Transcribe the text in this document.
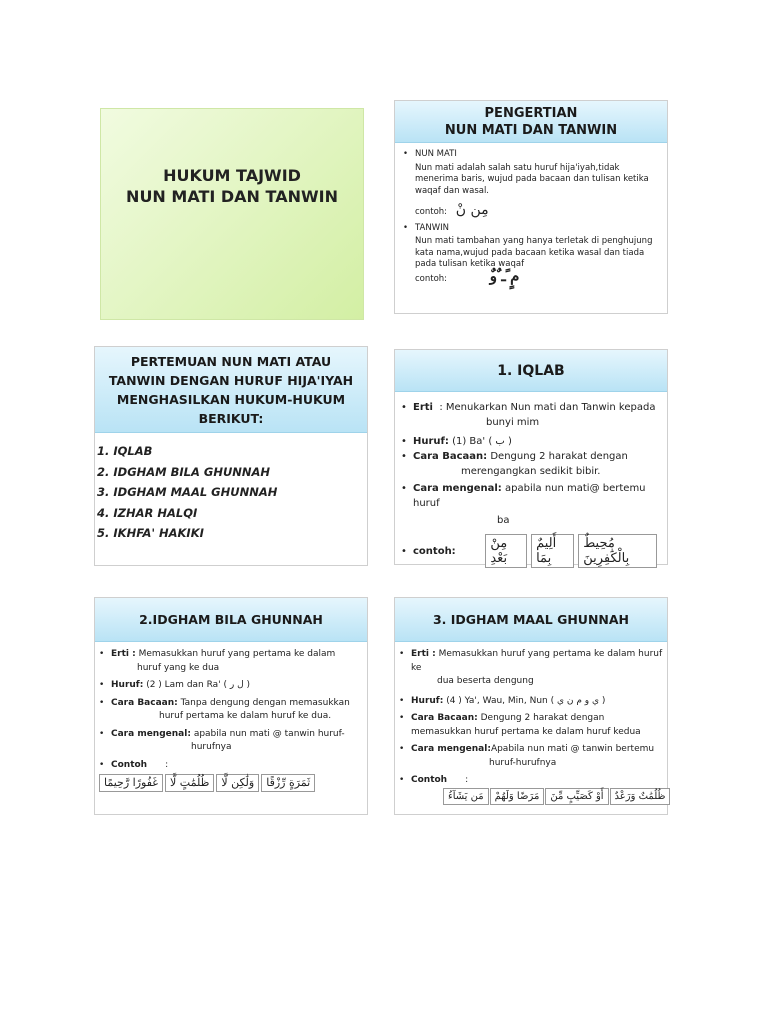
HUKUM TAJWID
NUN MATI DAN TANWIN
PENGERTIAN
NUN MATI DAN TANWIN
• NUN MATI
Nun mati adalah salah satu huruf hija'iyah,tidak menerima baris, wujud pada bacaan dan tulisan ketika waqaf dan wasal.
contoh: مِن نْ
• TANWIN
Nun mati tambahan yang hanya terletak di penghujung kata nama,wujud pada bacaan ketika wasal dan tiada pada tulisan ketika waqaf
contoh:	ٌمٍ ًـ ٌو
PERTEMUAN NUN MATI ATAU
TANWIN DENGAN HURUF HIJA'IYAH
MENGHASILKAN HUKUM-HUKUM
BERIKUT:
1. IQLAB
2. IDGHAM BILA GHUNNAH
3. IDGHAM MAAL GHUNNAH
4. IZHAR HALQI
5. IKHFA' HAKIKI
1. IQLAB
• Erti : Menukarkan Nun mati dan Tanwin kepada
bunyi mim
• Huruf: (1) Ba' ( ب )
• Cara Bacaan: Dengung 2 harakat dengan
merengangkan sedikit bibir.
• Cara mengenal: apabila nun mati@ bertemu huruf
ba
• contoh:	مِنْ بَعْدِ
أَلِيمٌ بِمَا
مُحِيطٌ بِالْكَٰفِرِينَ
2.IDGHAM BILA GHUNNAH
• Erti : Memasukkan huruf yang pertama ke dalam
huruf yang ke dua
• Huruf: (2 ) Lam dan Ra' ( ل ر )
• Cara Bacaan: Tanpa dengung dengan memasukkan
huruf pertama ke dalam huruf ke dua.
• Cara mengenal: apabila nun mati @ tanwin huruf-
hurufnya
• Contoh :
غَفُورًا رَّحِيمًا ظُلُمَٰتٍ لَّا وَلَٰكِن لَّا ثَمَرَةٍ رِّزْقًا
3. IDGHAM MAAL GHUNNAH
• Erti : Memasukkan huruf yang pertama ke dalam huruf ke
dua beserta dengung
• Huruf: (4 ) Ya', Wau, Min, Nun ( ي و م ن ي )
• Cara Bacaan: Dengung 2 harakat dengan
memasukkan huruf pertama ke dalam huruf kedua
• Cara mengenal:Apabila nun mati @ tanwin bertemu
huruf-hurufnya
• Contoh :
مَن يَشَآءُ مَرَضًا وَلَهُمْ أَوْ كَصَيِّبٍ مِّنَ ظُلُمَٰتٌ وَرَعْدٌ
